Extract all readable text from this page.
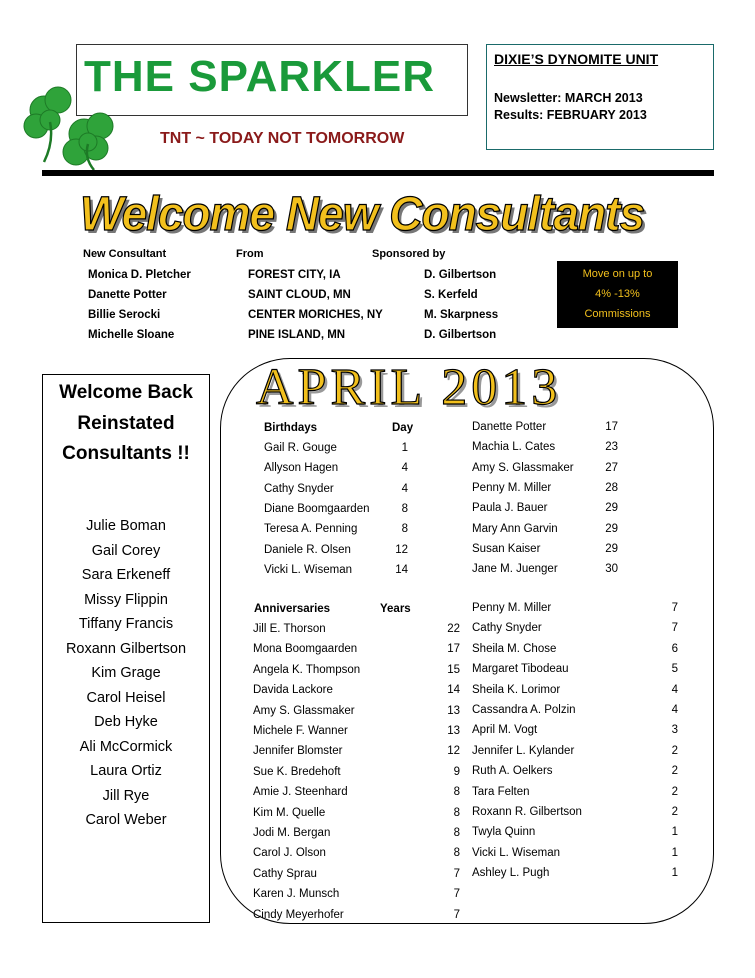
THE SPARKLER
TNT ~ TODAY NOT TOMORROW
DIXIE’S DYNOMITE UNIT
Newsletter: MARCH 2013
Results: FEBRUARY 2013
Welcome New Consultants
New Consultant	From	Sponsored by
Monica D. Pletcher	FOREST CITY, IA	D. Gilbertson
Danette Potter	SAINT CLOUD, MN	S. Kerfeld
Billie Serocki	CENTER MORICHES, NY	M. Skarpness
Michelle Sloane	PINE ISLAND, MN	D. Gilbertson
Move on up to
4% -13%
Commissions
Welcome Back
Reinstated
Consultants !!
Julie Boman
Gail Corey
Sara Erkeneff
Missy Flippin
Tiffany Francis
Roxann Gilbertson
Kim Grage
Carol Heisel
Deb Hyke
Ali McCormick
Laura Ortiz
Jill Rye
Carol Weber
APRIL 2013
Birthdays	Day
Gail R. Gouge	1
Allyson Hagen	4
Cathy Snyder	4
Diane Boomgaarden	8
Teresa A. Penning	8
Daniele R. Olsen	12
Vicki L. Wiseman	14
Danette Potter	17
Machia L. Cates	23
Amy S. Glassmaker	27
Penny M. Miller	28
Paula J. Bauer	29
Mary Ann Garvin	29
Susan Kaiser	29
Jane M. Juenger	30
Anniversaries	Years
Jill E. Thorson	22
Mona Boomgaarden	17
Angela K. Thompson	15
Davida Lackore	14
Amy S. Glassmaker	13
Michele F. Wanner	13
Jennifer Blomster	12
Sue K. Bredehoft	9
Amie J. Steenhard	8
Kim M. Quelle	8
Jodi M. Bergan	8
Carol J. Olson	8
Cathy Sprau	7
Karen J. Munsch	7
Cindy Meyerhofer	7
Penny M. Miller	7
Cathy Snyder	7
Sheila M. Chose	6
Margaret Tibodeau	5
Sheila K. Lorimor	4
Cassandra A. Polzin	4
April M. Vogt	3
Jennifer L. Kylander	2
Ruth A. Oelkers	2
Tara Felten	2
Roxann R. Gilbertson	2
Twyla Quinn	1
Vicki L. Wiseman	1
Ashley L. Pugh	1
